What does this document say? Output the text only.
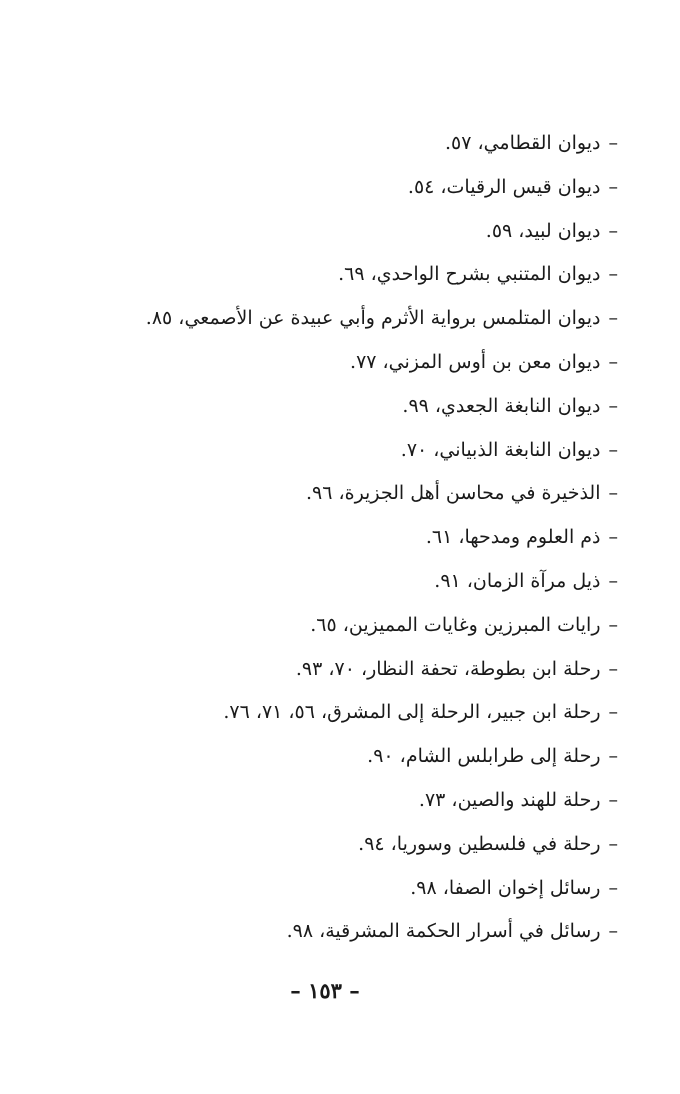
–ديوان القطامي، ٥٧.
–ديوان قيس الرقيات، ٥٤.
–ديوان لبيد، ٥٩.
–ديوان المتنبي بشرح الواحدي، ٦٩.
–ديوان المتلمس برواية الأثرم وأبي عبيدة عن الأصمعي، ٨٥.
–ديوان معن بن أوس المزني، ٧٧.
–ديوان النابغة الجعدي، ٩٩.
–ديوان النابغة الذبياني، ٧٠.
–الذخيرة في محاسن أهل الجزيرة، ٩٦.
–ذم العلوم ومدحها، ٦١.
–ذيل مرآة الزمان، ٩١.
–رايات المبرزين وغايات المميزين، ٦٥.
–رحلة ابن بطوطة، تحفة النظار، ٧٠، ٩٣.
–رحلة ابن جبير، الرحلة إلى المشرق، ٥٦، ٧١، ٧٦.
–رحلة إلى طرابلس الشام، ٩٠.
–رحلة للهند والصين، ٧٣.
–رحلة في فلسطين وسوريا، ٩٤.
–رسائل إخوان الصفا، ٩٨.
–رسائل في أسرار الحكمة المشرقية، ٩٨.
– ١٥٣ –
